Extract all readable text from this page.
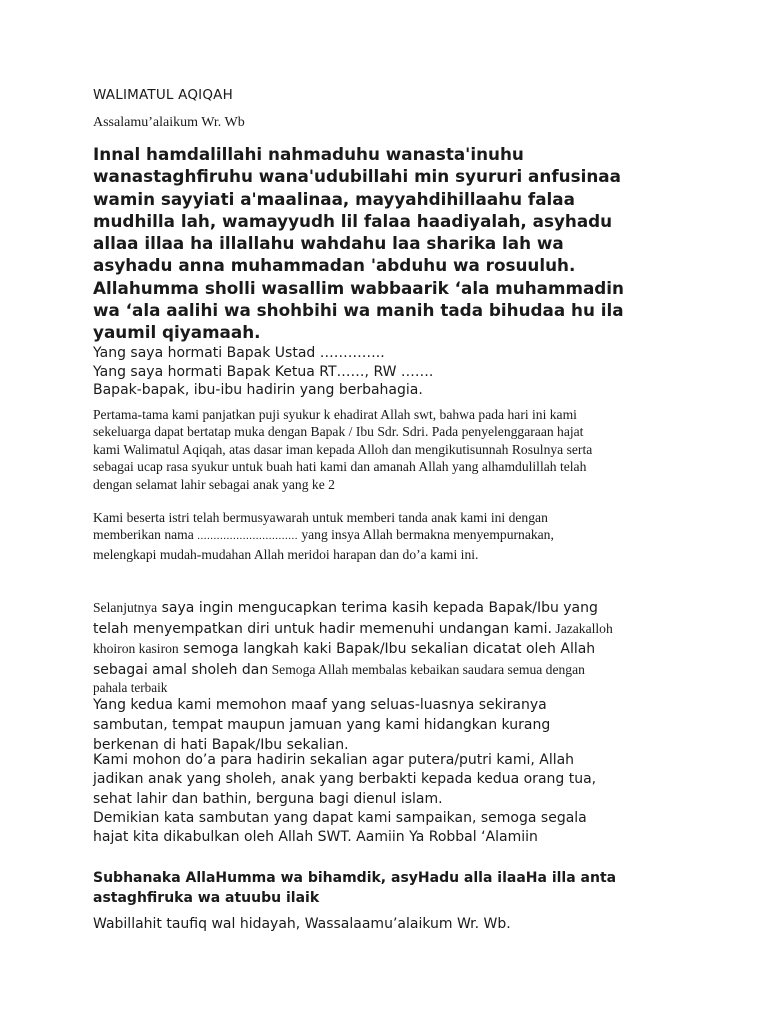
WALIMATUL AQIQAH

Assalamu’alaikum Wr. Wb

Innal hamdalillahi nahmaduhu wanasta'inuhu
wanastaghfiruhu wana'udubillahi min syururi anfusinaa
wamin sayyiati a'maalinaa, mayyahdihillaahu falaa
mudhilla lah, wamayyudh lil falaa haadiyalah, asyhadu
allaa illaa ha illallahu wahdahu laa sharika lah wa
asyhadu anna muhammadan 'abduhu wa rosuuluh.
Allahumma sholli wasallim wabbaarik ‘ala muhammadin
wa ‘ala aalihi wa shohbihi wa manih tada bihudaa hu ila
yaumil qiyamaah.
Yang saya hormati Bapak Ustad …………..
Yang saya hormati Bapak Ketua RT……, RW …….
Bapak-bapak, ibu-ibu hadirin yang berbahagia.
Pertama-tama kami panjatkan puji syukur k ehadirat Allah swt, bahwa pada hari ini kami
sekeluarga dapat bertatap muka dengan Bapak / Ibu Sdr. Sdri. Pada penyelenggaraan hajat
kami Walimatul Aqiqah, atas dasar iman kepada Alloh dan mengikutisunnah Rosulnya serta
sebagai ucap rasa syukur untuk buah hati kami dan amanah Allah yang alhamdulillah telah
dengan selamat lahir sebagai anak yang ke 2
Kami beserta istri telah bermusyawarah untuk memberi tanda anak kami ini dengan
memberikan nama ............................... yang insya Allah bermakna menyempurnakan,
melengkapi mudah-mudahan Allah meridoi harapan dan do’a kami ini.
Selanjutnya saya ingin mengucapkan terima kasih kepada Bapak/Ibu yang
telah menyempatkan diri untuk hadir memenuhi undangan kami. Jazakalloh
khoiron kasiron semoga langkah kaki Bapak/Ibu sekalian dicatat oleh Allah
sebagai amal sholeh dan Semoga Allah membalas kebaikan saudara semua dengan
pahala terbaik
Yang kedua kami memohon maaf yang seluas-luasnya sekiranya
sambutan, tempat maupun jamuan yang kami hidangkan kurang
berkenan di hati Bapak/Ibu sekalian.
Kami mohon do’a para hadirin sekalian agar putera/putri kami, Allah
jadikan anak yang sholeh, anak yang berbakti kepada kedua orang tua,
sehat lahir dan bathin, berguna bagi dienul islam.
Demikian kata sambutan yang dapat kami sampaikan, semoga segala
hajat kita dikabulkan oleh Allah SWT. Aamiin Ya Robbal ‘Alamiin
Subhanaka AllaHumma wa bihamdik, asyHadu alla ilaaHa illa anta
astaghfiruka wa atuubu ilaik

Wabillahit taufiq wal hidayah, Wassalaamu’alaikum Wr. Wb.
